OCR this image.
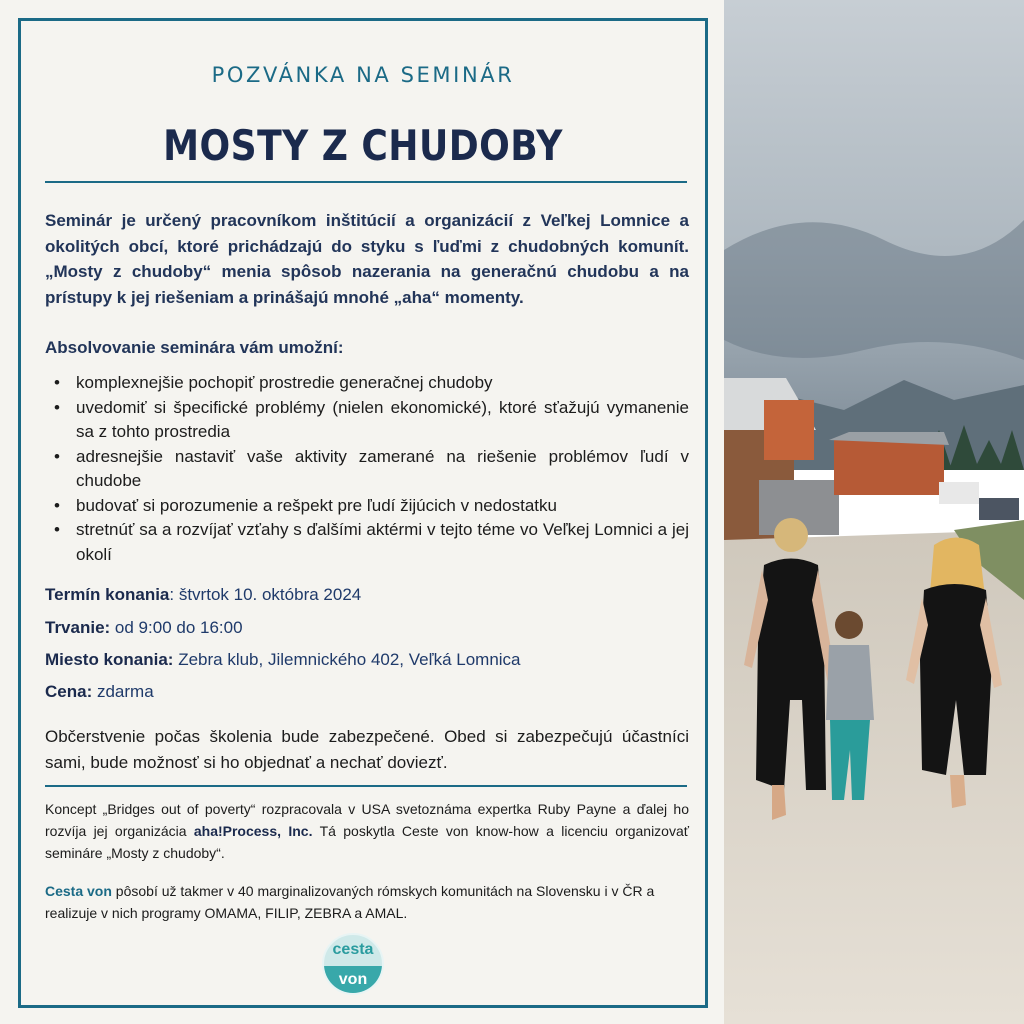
POZVÁNKA NA SEMINÁR
MOSTY Z CHUDOBY

Seminár je určený pracovníkom inštitúcií a organizácií z Veľkej Lomnice a okolitých obcí, ktoré prichádzajú do styku s ľuďmi z chudobných komunít. „Mosty z chudoby“ menia spôsob nazerania na generačnú chudobu a na prístupy k jej riešeniam a prinášajú mnohé „aha“ momenty.

Absolvovanie seminára vám umožní:
• komplexnejšie pochopiť prostredie generačnej chudoby
• uvedomiť si špecifické problémy (nielen ekonomické), ktoré sťažujú vymanenie sa z tohto prostredia
• adresnejšie nastaviť vaše aktivity zamerané na riešenie problémov ľudí v chudobe
• budovať si porozumenie a rešpekt pre ľudí žijúcich v nedostatku
• stretnúť sa a rozvíjať vzťahy s ďalšími aktérmi v tejto téme vo Veľkej Lomnici a jej okolí
Termín konania: štvrtok 10. októbra 2024
Trvanie: od 9:00 do 16:00
Miesto konania: Zebra klub, Jilemnického 402, Veľká Lomnica
Cena: zdarma

Občerstvenie počas školenia bude zabezpečené. Obed si zabezpečujú účastníci sami, bude možnosť si ho objednať a nechať doviezť.

Koncept „Bridges out of poverty“ rozpracovala v USA svetoznáma expertka Ruby Payne a ďalej ho rozvíja jej organizácia aha!Process, Inc. Tá poskytla Ceste von know-how a licenciu organizovať semináre „Mosty z chudoby“.

Cesta von pôsobí už takmer v 40 marginalizovaných rómskych komunitách na Slovensku i v ČR a realizuje v nich programy OMAMA, FILIP, ZEBRA a AMAL.

cesta
von
